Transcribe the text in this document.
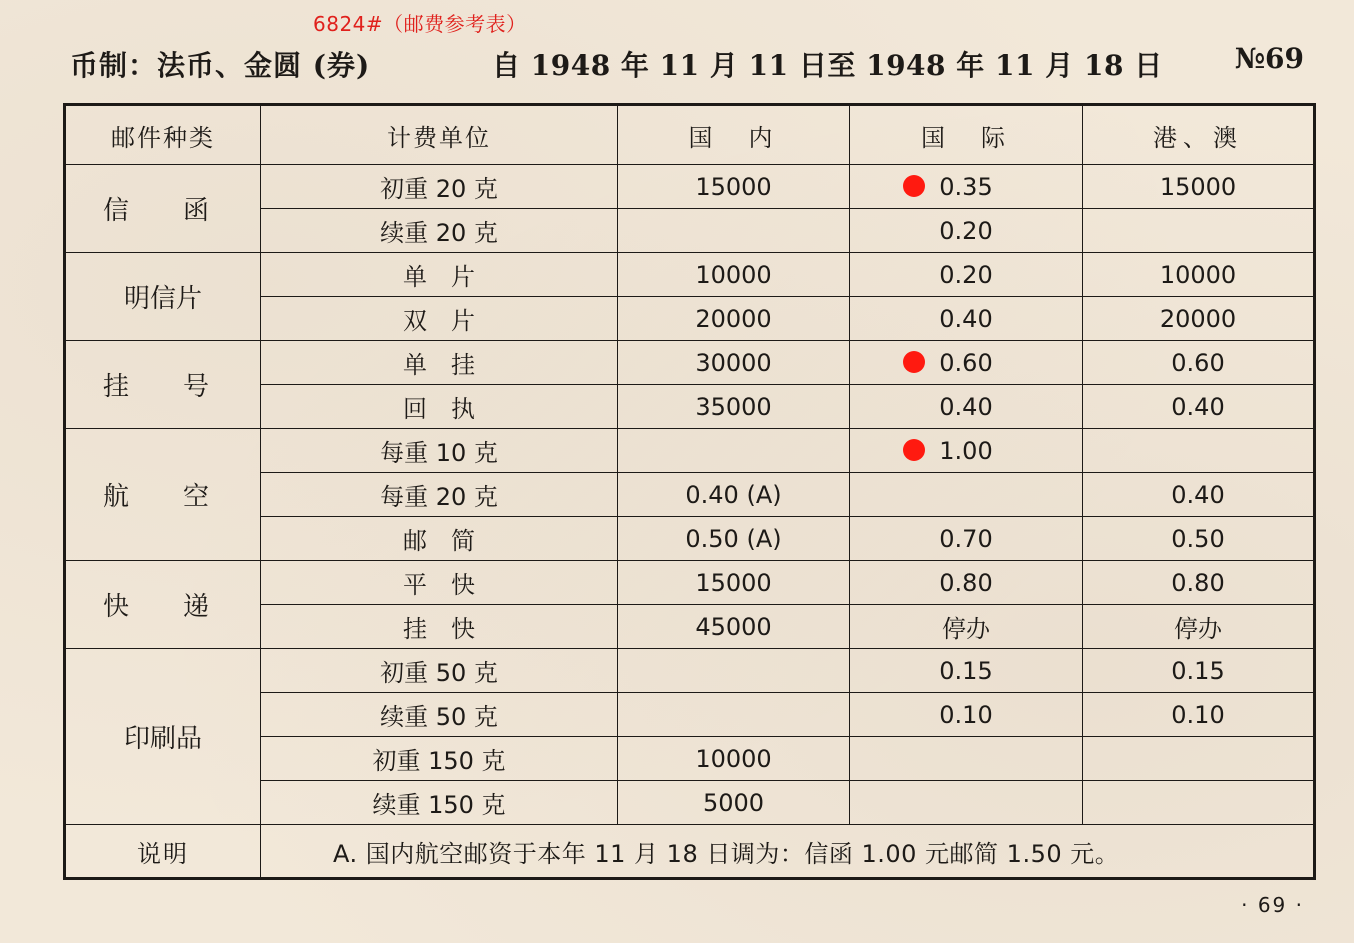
6824#（邮费参考表）
币制：法币、金圆 (券)	自 1948 年 11 月 11 日至 1948 年 11 月 18 日	№69
邮件种类	计费单位	国　内	国　际	港、澳
信　函	初重 20 克	15000	0.35	15000
	续重 20 克		0.20	
明信片	单　片	10000	0.20	10000
	双　片	20000	0.40	20000
挂　号	单　挂	30000	0.60	0.60
	回　执	35000	0.40	0.40
航　空	每重 10 克		1.00	
	每重 20 克	0.40 (A)		0.40
	邮　简	0.50 (A)	0.70	0.50
快　递	平　快	15000	0.80	0.80
	挂　快	45000	停办	停办
印刷品	初重 50 克		0.15	0.15
	续重 50 克		0.10	0.10
	初重 150 克	10000		
	续重 150 克	5000		
说明	A. 国内航空邮资于本年 11 月 18 日调为：信函 1.00 元邮简 1.50 元。			
· 69 ·
